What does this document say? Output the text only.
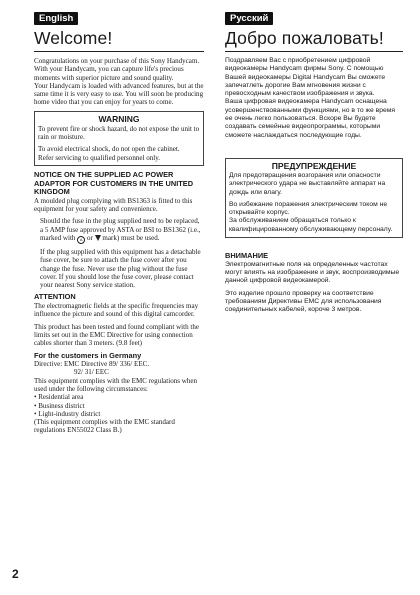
English
Welcome!

Congratulations on your purchase of this Sony Handycam. With your Handycam, you can capture life's precious moments with superior picture and sound quality.

Your Handycam is loaded with advanced features, but at the same time it is very easy to use. You will soon be producing home video that you can enjoy for years to come.

WARNING

To prevent fire or shock hazard, do not expose the unit to rain or moisture.

To avoid electrical shock, do not open the cabinet.

Refer servicing to qualified personnel only.

NOTICE ON THE SUPPLIED AC POWER ADAPTOR FOR CUSTOMERS IN THE UNITED KINGDOM

A moulded plug complying with BS1363 is fitted to this equipment for your safety and convenience.

Should the fuse in the plug supplied need to be replaced, a 5 AMP fuse approved by ASTA or BSI to BS1362 (i.e., marked with A or mark) must be used.

If the plug supplied with this equipment has a detachable fuse cover, be sure to attach the fuse cover after you change the fuse. Never use the plug without the fuse cover. If you should lose the fuse cover, please contact your nearest Sony service station.

ATTENTION

The electromagnetic fields at the specific frequencies may influence the picture and sound of this digital camcorder.

This product has been tested and found compliant with the limits set out in the EMC Directive for using connection cables shorter than 3 meters. (9.8 feet)

For the customers in Germany

Directive: EMC Directive 89/ 336/ EEC.

92/ 31/ EEC

This equipment complies with the EMC regulations when used under the following circumstances:

• Residential area

• Business district

• Light-industry district

(This equipment complies with the EMC standard regulations EN55022 Class B.)

Русский
Добро пожаловать!

Поздравляем Вас с приобретением цифровой видеокамеры Handycam фирмы Sony. С помощью Вашей видеокамеры Digital Handycam Вы сможете запечатлеть дорогие Вам мгновения жизни с превосходным качеством изображения и звука.

Ваша цифровая видеокамера Handycam оснащена усовершенствованными функциями, но в то же время ее очень легко пользоваться. Вскоре Вы будете создавать семейные видеопрограммы, которыми сможете наслаждаться последующие годы.

ПРЕДУПРЕЖДЕНИЕ

Для предотвращения возгорания или опасности электрического удара не выставляйте аппарат на дождь или влагу.

Во избежание поражения электрическим током не открывайте корпус.

За обслуживанием обращаться только к квалифицированному обслуживающему персоналу.

ВНИМАНИЕ

Электромагнитные поля на определенных частотах могут влиять на изображение и звук, воспроизводимые данной цифровой видеокамерой.

Это изделие прошло проверку на соответствие требованиям Директивы EMC для использования соединительных кабелей, короче 3 метров.

2
